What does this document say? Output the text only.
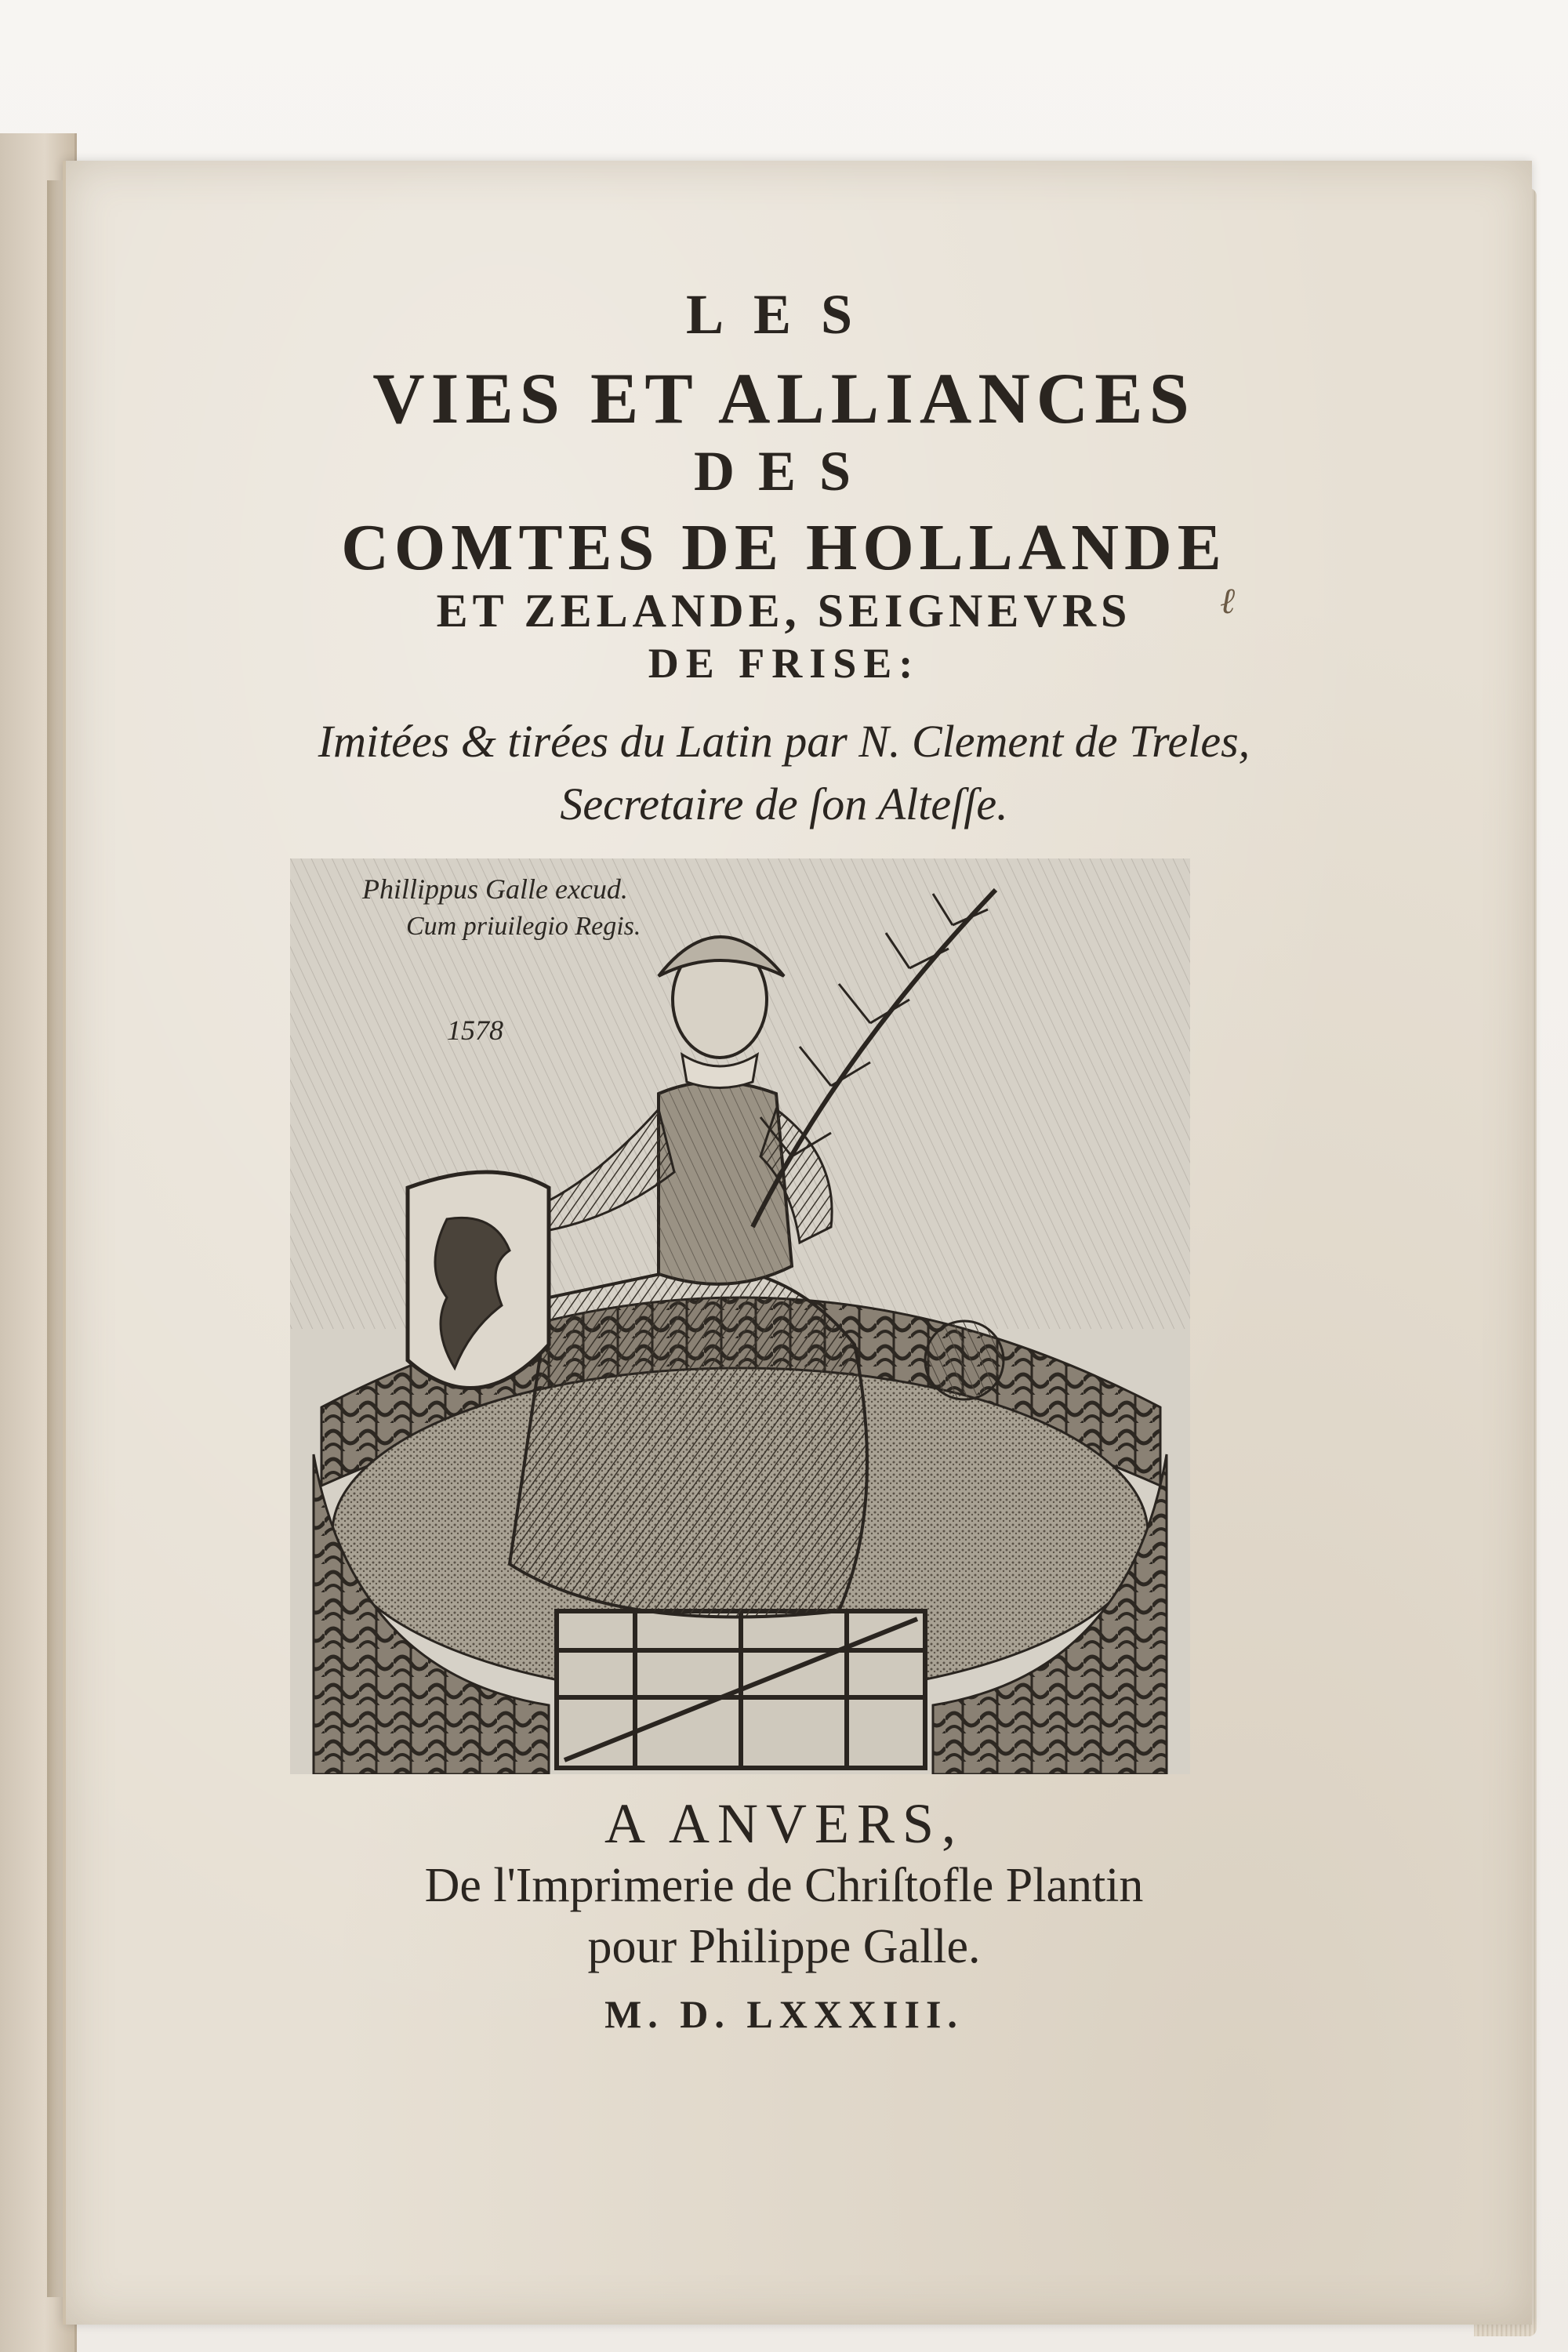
LES
VIES ET ALLIANCES
DES
COMTES DE HOLLANDE
ET ZELANDE, SEIGNEVRS
DE FRISE:
ℓ
Imitées & tirées du Latin par N. Clement de Treles,
Secretaire de ſon Alteſſe.
Phillippus Galle excud.
Cum priuilegio Regis.
1578
A ANVERS,
De l'Imprimerie de Chriſtofle Plantin
pour Philippe Galle.
M. D. LXXXIII.
